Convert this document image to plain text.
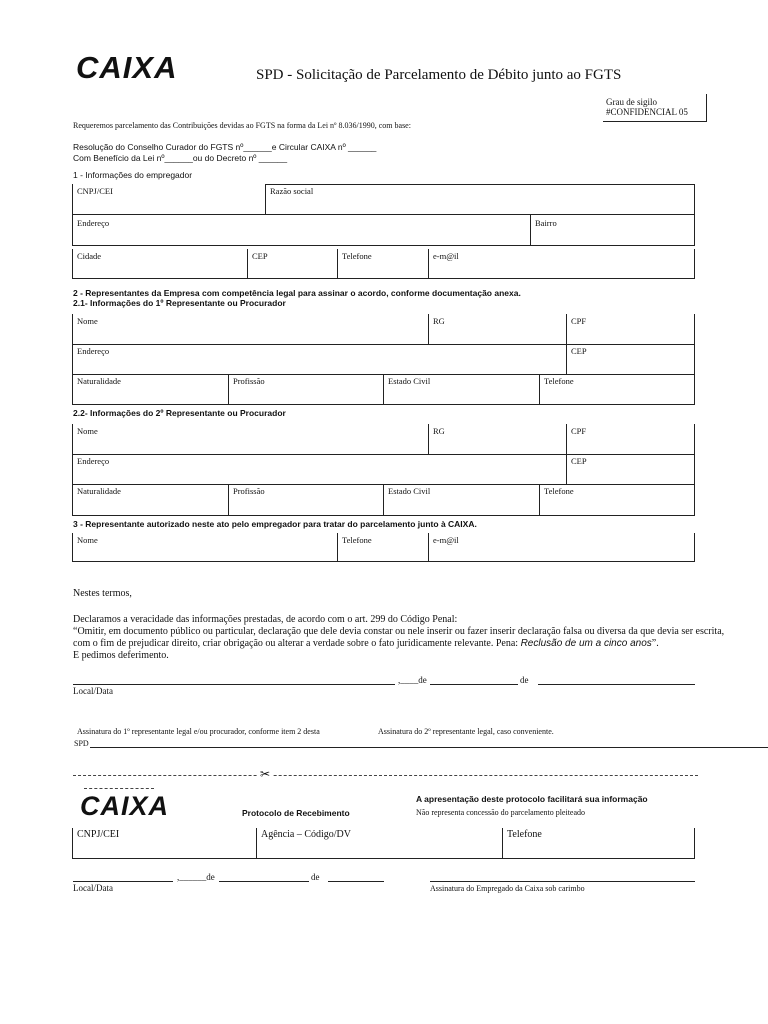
CAIXA	SPD - Solicitação de Parcelamento de Débito junto ao FGTS
Grau de sigilo
#CONFIDENCIAL 05
Requeremos parcelamento das Contribuições devidas ao FGTS na forma da Lei nº 8.036/1990, com base:
Resolução do Conselho Curador do FGTS nº______e Circular CAIXA nº ______
Com Benefício da Lei nº______ou do Decreto nº ______
1 - Informações do empregador
CNPJ/CEI	Razão social
Endereço	Bairro
Cidade	CEP	Telefone	e-m@il
2 - Representantes da Empresa com competência legal para assinar o acordo, conforme documentação anexa.
2.1- Informações do 1º Representante ou Procurador
Nome	RG	CPF
Endereço	CEP
Naturalidade	Profissão	Estado Civil	Telefone
2.2- Informações do 2º Representante ou Procurador
Nome	RG	CPF
Endereço	CEP
Naturalidade	Profissão	Estado Civil	Telefone
3 - Representante autorizado neste ato pelo empregador para tratar do parcelamento junto à CAIXA.
Nome	Telefone	e-m@il
Nestes termos,
Declaramos a veracidade das informações prestadas, de acordo com o art. 299 do Código Penal:
“Omitir, em documento público ou particular, declaração que dele devia constar ou nele inserir ou fazer inserir declaração falsa ou diversa da que devia ser escrita,
com o fim de prejudicar direito, criar obrigação ou alterar a verdade sobre o fato juridicamente relevante. Pena: Reclusão de um a cinco anos”.
E pedimos deferimento.
,____de	de
Local/Data
Assinatura do 1º representante legal e/ou procurador, conforme item 2 desta	Assinatura do 2º representante legal, caso conveniente.
SPD
✂
CAIXA	Protocolo de Recebimento
A apresentação deste protocolo facilitará sua informação
Não representa concessão do parcelamento pleiteado
CNPJ/CEI	Agência – Código/DV	Telefone
,______de	de
Local/Data	Assinatura do Empregado da Caixa sob carimbo
